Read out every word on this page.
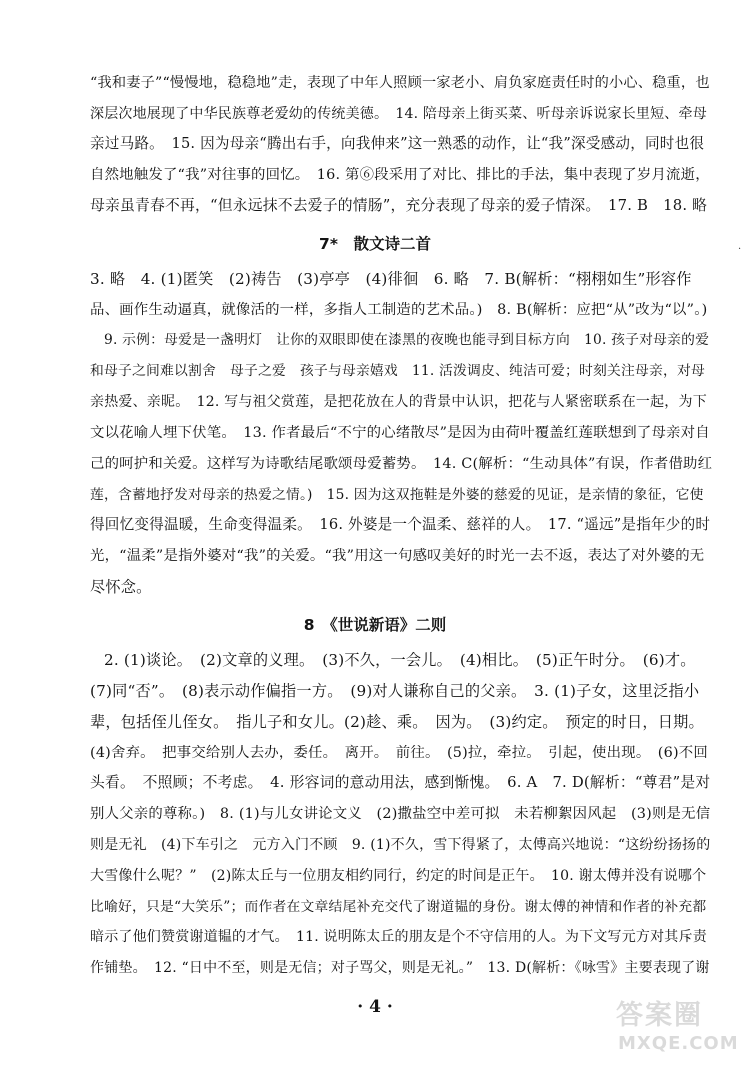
“我和妻子”“慢慢地，稳稳地”走，表现了中年人照顾一家老小、肩负家庭责任时的小心、稳重，也
深层次地展现了中华民族尊老爱幼的传统美德。　14. 陪母亲上街买菜、听母亲诉说家长里短、牵母
亲过马路。　15. 因为母亲“腾出右手，向我伸来”这一熟悉的动作，让“我”深受感动，同时也很
自然地触发了“我”对往事的回忆。　16. 第⑥段采用了对比、排比的手法，集中表现了岁月流逝，
母亲虽青春不再，“但永远抹不去爱子的情肠”，充分表现了母亲的爱子情深。　17. B　18. 略
7*　散文诗二首	·
3. 略　4. (1)匿笑　(2)祷告　(3)亭亭　(4)徘徊　6. 略　7. B(解析：“栩栩如生”形容作
品、画作生动逼真，就像活的一样，多指人工制造的艺术品。)　8. B(解析：应把“从”改为“以”。)
9. 示例：母爱是一盏明灯　让你的双眼即使在漆黑的夜晚也能寻到目标方向　10. 孩子对母亲的爱
和母子之间难以割舍　母子之爱　孩子与母亲嬉戏　11. 活泼调皮、纯洁可爱；时刻关注母亲，对母
亲热爱、亲昵。　12. 写与祖父赏莲，是把花放在人的背景中认识，把花与人紧密联系在一起，为下
文以花喻人埋下伏笔。　13. 作者最后“不宁的心绪散尽”是因为由荷叶覆盖红莲联想到了母亲对自
己的呵护和关爱。这样写为诗歌结尾歌颂母爱蓄势。　14. C(解析：“生动具体”有误，作者借助红
莲，含蓄地抒发对母亲的热爱之情。)　15. 因为这双拖鞋是外婆的慈爱的见证，是亲情的象征，它使
得回忆变得温暖，生命变得温柔。　16. 外婆是一个温柔、慈祥的人。　17. “遥远”是指年少的时
光，“温柔”是指外婆对“我”的关爱。“我”用这一句感叹美好的时光一去不返，表达了对外婆的无
尽怀念。
8　《世说新语》二则
2. (1)谈论。　(2)文章的义理。　(3)不久，一会儿。　(4)相比。　(5)正午时分。　(6)才。
(7)同“否”。　(8)表示动作偏指一方。　(9)对人谦称自己的父亲。　3. (1)子女，这里泛指小
辈，包括侄儿侄女。　指儿子和女儿。(2)趁、乘。　因为。　(3)约定。　预定的时日，日期。
(4)舍弃。　把事交给别人去办，委任。　离开。　前往。　(5)拉，牵拉。　引起，使出现。　(6)不回
头看。　不照顾；不考虑。　4. 形容词的意动用法，感到惭愧。　6. A　7. D(解析：“尊君”是对
别人父亲的尊称。)　8. (1)与儿女讲论文义　(2)撒盐空中差可拟　未若柳絮因风起　(3)则是无信
则是无礼　(4)下车引之　元方入门不顾　9. (1)不久，雪下得紧了，太傅高兴地说：“这纷纷扬扬的
大雪像什么呢？”　(2)陈太丘与一位朋友相约同行，约定的时间是正午。　10. 谢太傅并没有说哪个
比喻好，只是“大笑乐”；而作者在文章结尾补充交代了谢道韫的身份。谢太傅的神情和作者的补充都
暗示了他们赞赏谢道韫的才气。　11. 说明陈太丘的朋友是个不守信用的人。为下文写元方对其斥责
作铺垫。　12. “日中不至，则是无信；对子骂父，则是无礼。”　13. D(解析：《咏雪》主要表现了谢
· 4 ·	答案圈
MXQE.COM
